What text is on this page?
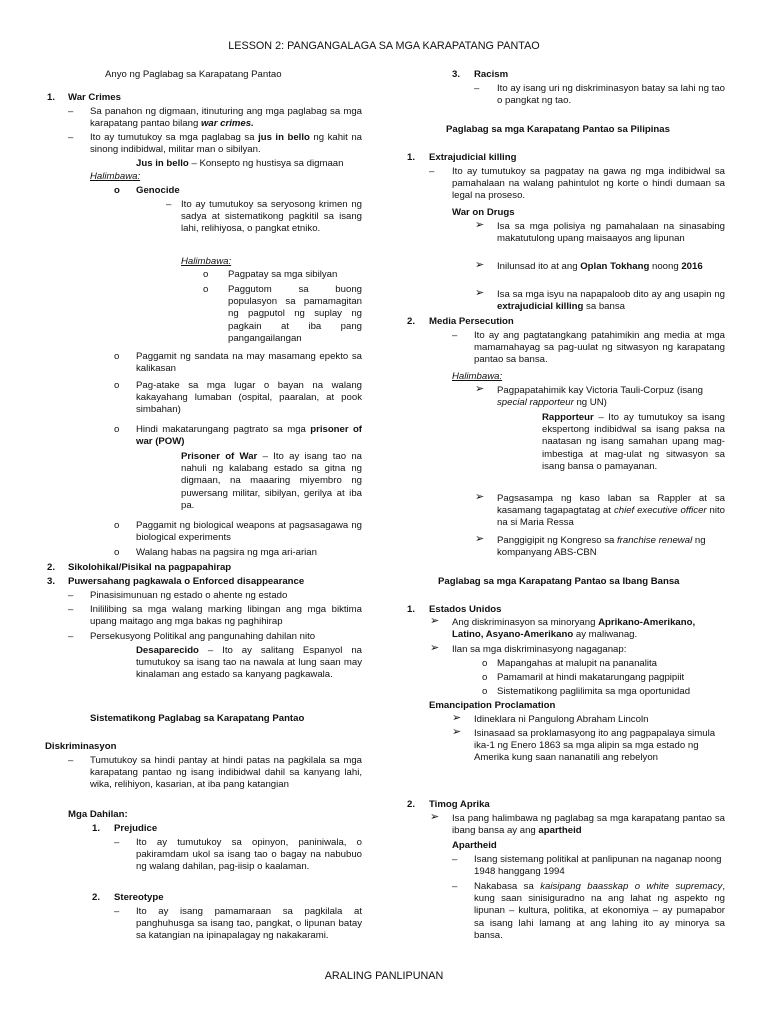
LESSON 2: PANGANGALAGA SA MGA KARAPATANG PANTAO
Anyo ng Paglabag sa Karapatang Pantao
1. War Crimes
– Sa panahon ng digmaan, itinuturing ang mga paglabag sa mga karapatang pantao bilang war crimes.
– Ito ay tumutukoy sa mga paglabag sa jus in bello ng kahit na sinong indibidwal, militar man o sibilyan.
Jus in bello – Konsepto ng hustisya sa digmaan
Halimbawa:
o Genocide
– Ito ay tumutukoy sa seryosong krimen ng sadya at sistematikong pagkitil sa isang lahi, relihiyosa, o pangkat etniko.
Halimbawa:
o Pagpatay sa mga sibilyan
o Paggutom sa buong populasyon sa pamamagitan ng pagputol ng suplay ng pagkain at iba pang pangangailangan
o Paggamit ng sandata na may masamang epekto sa kalikasan
o Pag-atake sa mga lugar o bayan na walang kakayahang lumaban (ospital, paaralan, at pook simbahan)
o Hindi makatarungang pagtrato sa mga prisoner of war (POW)
Prisoner of War – Ito ay isang tao na nahuli ng kalabang estado sa gitna ng digmaan, na maaaring miyembro ng puwersang militar, sibilyan, gerilya at iba pa.
o Paggamit ng biological weapons at pagsasagawa ng biological experiments
o Walang habas na pagsira ng mga ari-arian
2. Sikolohikal/Pisikal na pagpapahirap
3. Puwersahang pagkawala o Enforced disappearance
– Pinasisimunuan ng estado o ahente ng estado
– Inililibing sa mga walang marking libingan ang mga biktima upang maitago ang mga bakas ng paghihirap
– Persekusyong Politikal ang pangunahing dahilan nito
Desaparecido – Ito ay salitang Espanyol na tumutukoy sa isang tao na nawala at lung saan may kinalaman ang estado sa kanyang pagkawala.
Sistematikong Paglabag sa Karapatang Pantao
Diskriminasyon
– Tumutukoy sa hindi pantay at hindi patas na pagkilala sa mga karapatang pantao ng isang indibidwal dahil sa kanyang lahi, wika, relihiyon, kasarian, at iba pang katangian
Mga Dahilan:
1. Prejudice
– Ito ay tumutukoy sa opinyon, paniniwala, o pakiramdam ukol sa isang tao o bagay na nabubuo ng walang dahilan, pag-iisip o kaalaman.
2. Stereotype
– Ito ay isang pamamaraan sa pagkilala at panghuhusga sa isang tao, pangkat, o lipunan batay sa katangian na ipinapalagay ng nakakarami.
3. Racism
– Ito ay isang uri ng diskriminasyon batay sa lahi ng tao o pangkat ng tao.
Paglabag sa mga Karapatang Pantao sa Pilipinas
1. Extrajudicial killing
– Ito ay tumutukoy sa pagpatay na gawa ng mga indibidwal sa pamahalaan na walang pahintulot ng korte o hindi dumaan sa legal na proseso.
War on Drugs
➢ Isa sa mga polisiya ng pamahalaan na sinasabing makatutulong upang maisaayos ang lipunan
➢ Inilunsad ito at ang Oplan Tokhang noong 2016
➢ Isa sa mga isyu na napapaloob dito ay ang usapin ng extrajudicial killing sa bansa
2. Media Persecution
– Ito ay ang pagtatangkang patahimikin ang media at mga mamamahayag sa pag-uulat ng sitwasyon ng karapatang pantao sa bansa.
Halimbawa:
➢ Pagpapatahimik kay Victoria Tauli-Corpuz (isang special rapporteur ng UN)
Rapporteur – Ito ay tumutukoy sa isang ekspertong indibidwal sa isang paksa na naatasan ng isang samahan upang mag-imbestiga at mag-ulat ng sitwasyon sa isang bansa o pamayanan.
➢ Pagsasampa ng kaso laban sa Rappler at sa kasamang tagapagtatag at chief executive officer nito na si Maria Ressa
➢ Panggigipit ng Kongreso sa franchise renewal ng kompanyang ABS-CBN
Paglabag sa mga Karapatang Pantao sa Ibang Bansa
1. Estados Unidos
➢ Ang diskriminasyon sa minoryang Aprikano-Amerikano, Latino, Asyano-Amerikano ay maliwanag.
➢ Ilan sa mga diskriminasyong nagaganap:
o Mapangahas at malupit na pananalita
o Pamamaril at hindi makatarungang pagpipiit
o Sistematikong paglilimita sa mga oportunidad
Emancipation Proclamation
➢ Idineklara ni Pangulong Abraham Lincoln
➢ Isinasaad sa proklamasyong ito ang pagpapalaya simula ika-1 ng Enero 1863 sa mga alipin sa mga estado ng Amerika kung saan nananatili ang rebelyon
2. Timog Aprika
➢ Isa pang halimbawa ng paglabag sa mga karapatang pantao sa ibang bansa ay ang apartheid
Apartheid
– Isang sistemang politikal at panlipunan na naganap noong 1948 hanggang 1994
– Nakabasa sa kaisipang baasskap o white supremacy, kung saan sinisiguradno na ang lahat ng aspekto ng lipunan – kultura, politika, at ekonomiya – ay pumapabor sa isang lahi lamang at ang lahing ito ay minorya sa bansa.
ARALING PANLIPUNAN
